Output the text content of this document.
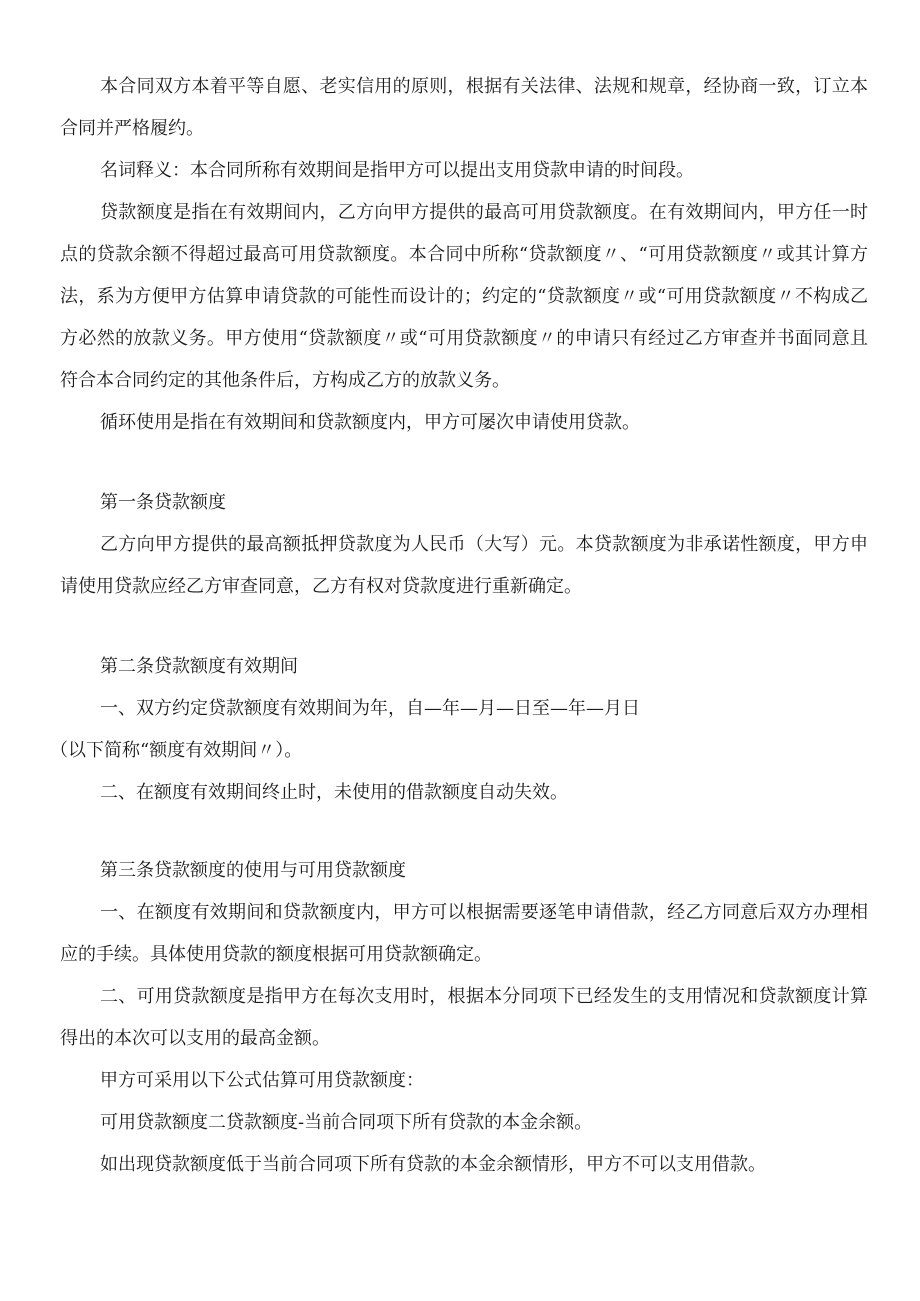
本合同双方本着平等自愿、老实信用的原则，根据有关法律、法规和规章，经协商一致，订立本合同并严格履约。

名词释义：本合同所称有效期间是指甲方可以提出支用贷款申请的时间段。

贷款额度是指在有效期间内，乙方向甲方提供的最高可用贷款额度。在有效期间内，甲方任一时点的贷款余额不得超过最高可用贷款额度。本合同中所称“贷款额度〃、“可用贷款额度〃或其计算方法，系为方便甲方估算申请贷款的可能性而设计的；约定的“贷款额度〃或“可用贷款额度〃不构成乙方必然的放款义务。甲方使用“贷款额度〃或“可用贷款额度〃的申请只有经过乙方审查并书面同意且符合本合同约定的其他条件后，方构成乙方的放款义务。

循环使用是指在有效期间和贷款额度内，甲方可屡次申请使用贷款。

第一条贷款额度

乙方向甲方提供的最高额抵押贷款度为人民币（大写）元。本贷款额度为非承诺性额度，甲方申请使用贷款应经乙方审查同意，乙方有权对贷款度进行重新确定。

第二条贷款额度有效期间

一、双方约定贷款额度有效期间为年，自—年—月—日至—年—月日

（以下简称“额度有效期间〃）。

二、在额度有效期间终止时，未使用的借款额度自动失效。

第三条贷款额度的使用与可用贷款额度

一、在额度有效期间和贷款额度内，甲方可以根据需要逐笔申请借款，经乙方同意后双方办理相应的手续。具体使用贷款的额度根据可用贷款额确定。

二、可用贷款额度是指甲方在每次支用时，根据本分同项下已经发生的支用情况和贷款额度计算得出的本次可以支用的最高金额。

甲方可采用以下公式估算可用贷款额度：

可用贷款额度二贷款额度-当前合同项下所有贷款的本金余额。

如出现贷款额度低于当前合同项下所有贷款的本金余额情形，甲方不可以支用借款。
